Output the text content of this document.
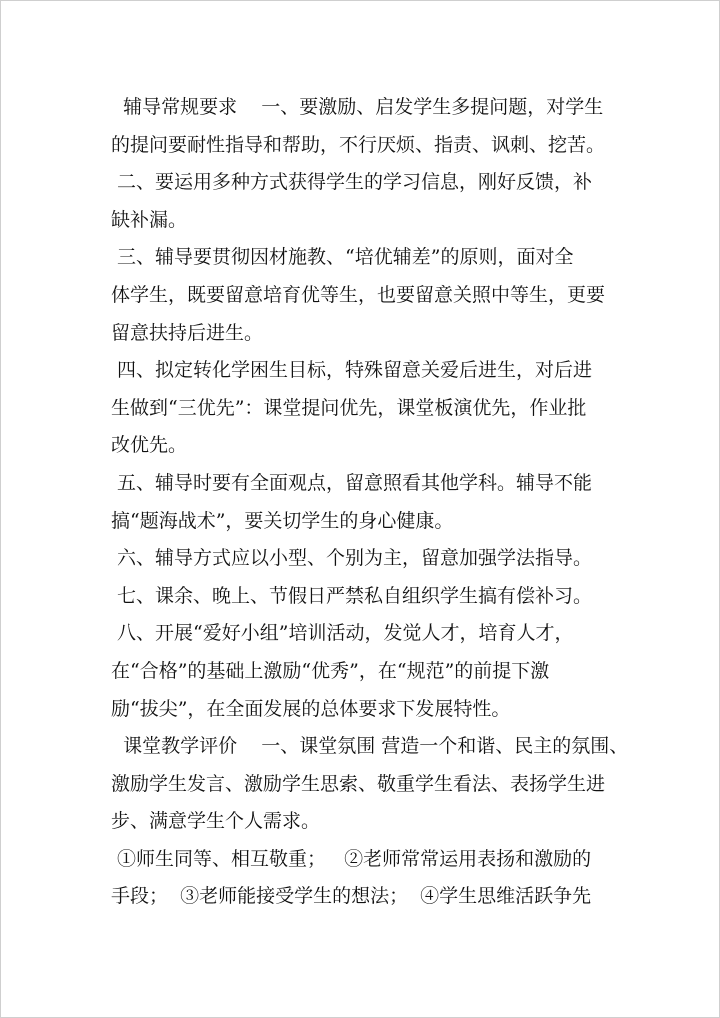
辅导常规要求    一、要激励、启发学生多提问题，对学生
的提问要耐性指导和帮助，不行厌烦、指责、讽刺、挖苦。
二、要运用多种方式获得学生的学习信息，刚好反馈，补
缺补漏。
三、辅导要贯彻因材施教、“培优辅差”的原则，面对全
体学生，既要留意培育优等生，也要留意关照中等生，更要
留意扶持后进生。
四、拟定转化学困生目标，特殊留意关爱后进生，对后进
生做到“三优先”：课堂提问优先，课堂板演优先，作业批
改优先。
五、辅导时要有全面观点，留意照看其他学科。辅导不能
搞“题海战术”，要关切学生的身心健康。
六、辅导方式应以小型、个别为主，留意加强学法指导。
七、课余、晚上、节假日严禁私自组织学生搞有偿补习。
八、开展“爱好小组”培训活动，发觉人才，培育人才，
在“合格”的基础上激励“优秀”，在“规范”的前提下激
励“拔尖”，在全面发展的总体要求下发展特性。
课堂教学评价    一、课堂氛围 营造一个和谐、民主的氛围、
激励学生发言、激励学生思索、敬重学生看法、表扬学生进
步、满意学生个人需求。
①师生同等、相互敬重；   ②老师常常运用表扬和激励的
手段；  ③老师能接受学生的想法；  ④学生思维活跃争先
